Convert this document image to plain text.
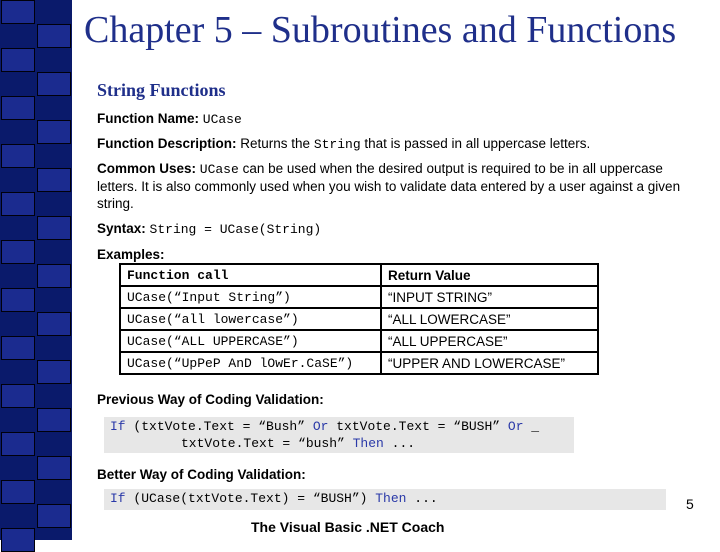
Chapter 5 – Subroutines and Functions
String Functions
Function Name: UCase
Function Description: Returns the String that is passed in all uppercase letters.
Common Uses: UCase can be used when the desired output is required to be in all uppercase letters. It is also commonly used when you wish to validate data entered by a user against a given string.
Syntax: String = UCase(String)
Examples:
Function call	Return Value
UCase(“Input String”)	“INPUT STRING”
UCase(“all lowercase”)	“ALL LOWERCASE”
UCase(“ALL UPPERCASE”)	“ALL UPPERCASE”
UCase(“UpPeP AnD lOwEr.CaSE”)	“UPPER AND LOWERCASE”
Previous Way of Coding Validation:
If (txtVote.Text = “Bush” Or txtVote.Text = “BUSH” Or _
txtVote.Text = “bush” Then ...
Better Way of Coding Validation:
If (UCase(txtVote.Text) = “BUSH”) Then ...	5
The Visual Basic .NET Coach
